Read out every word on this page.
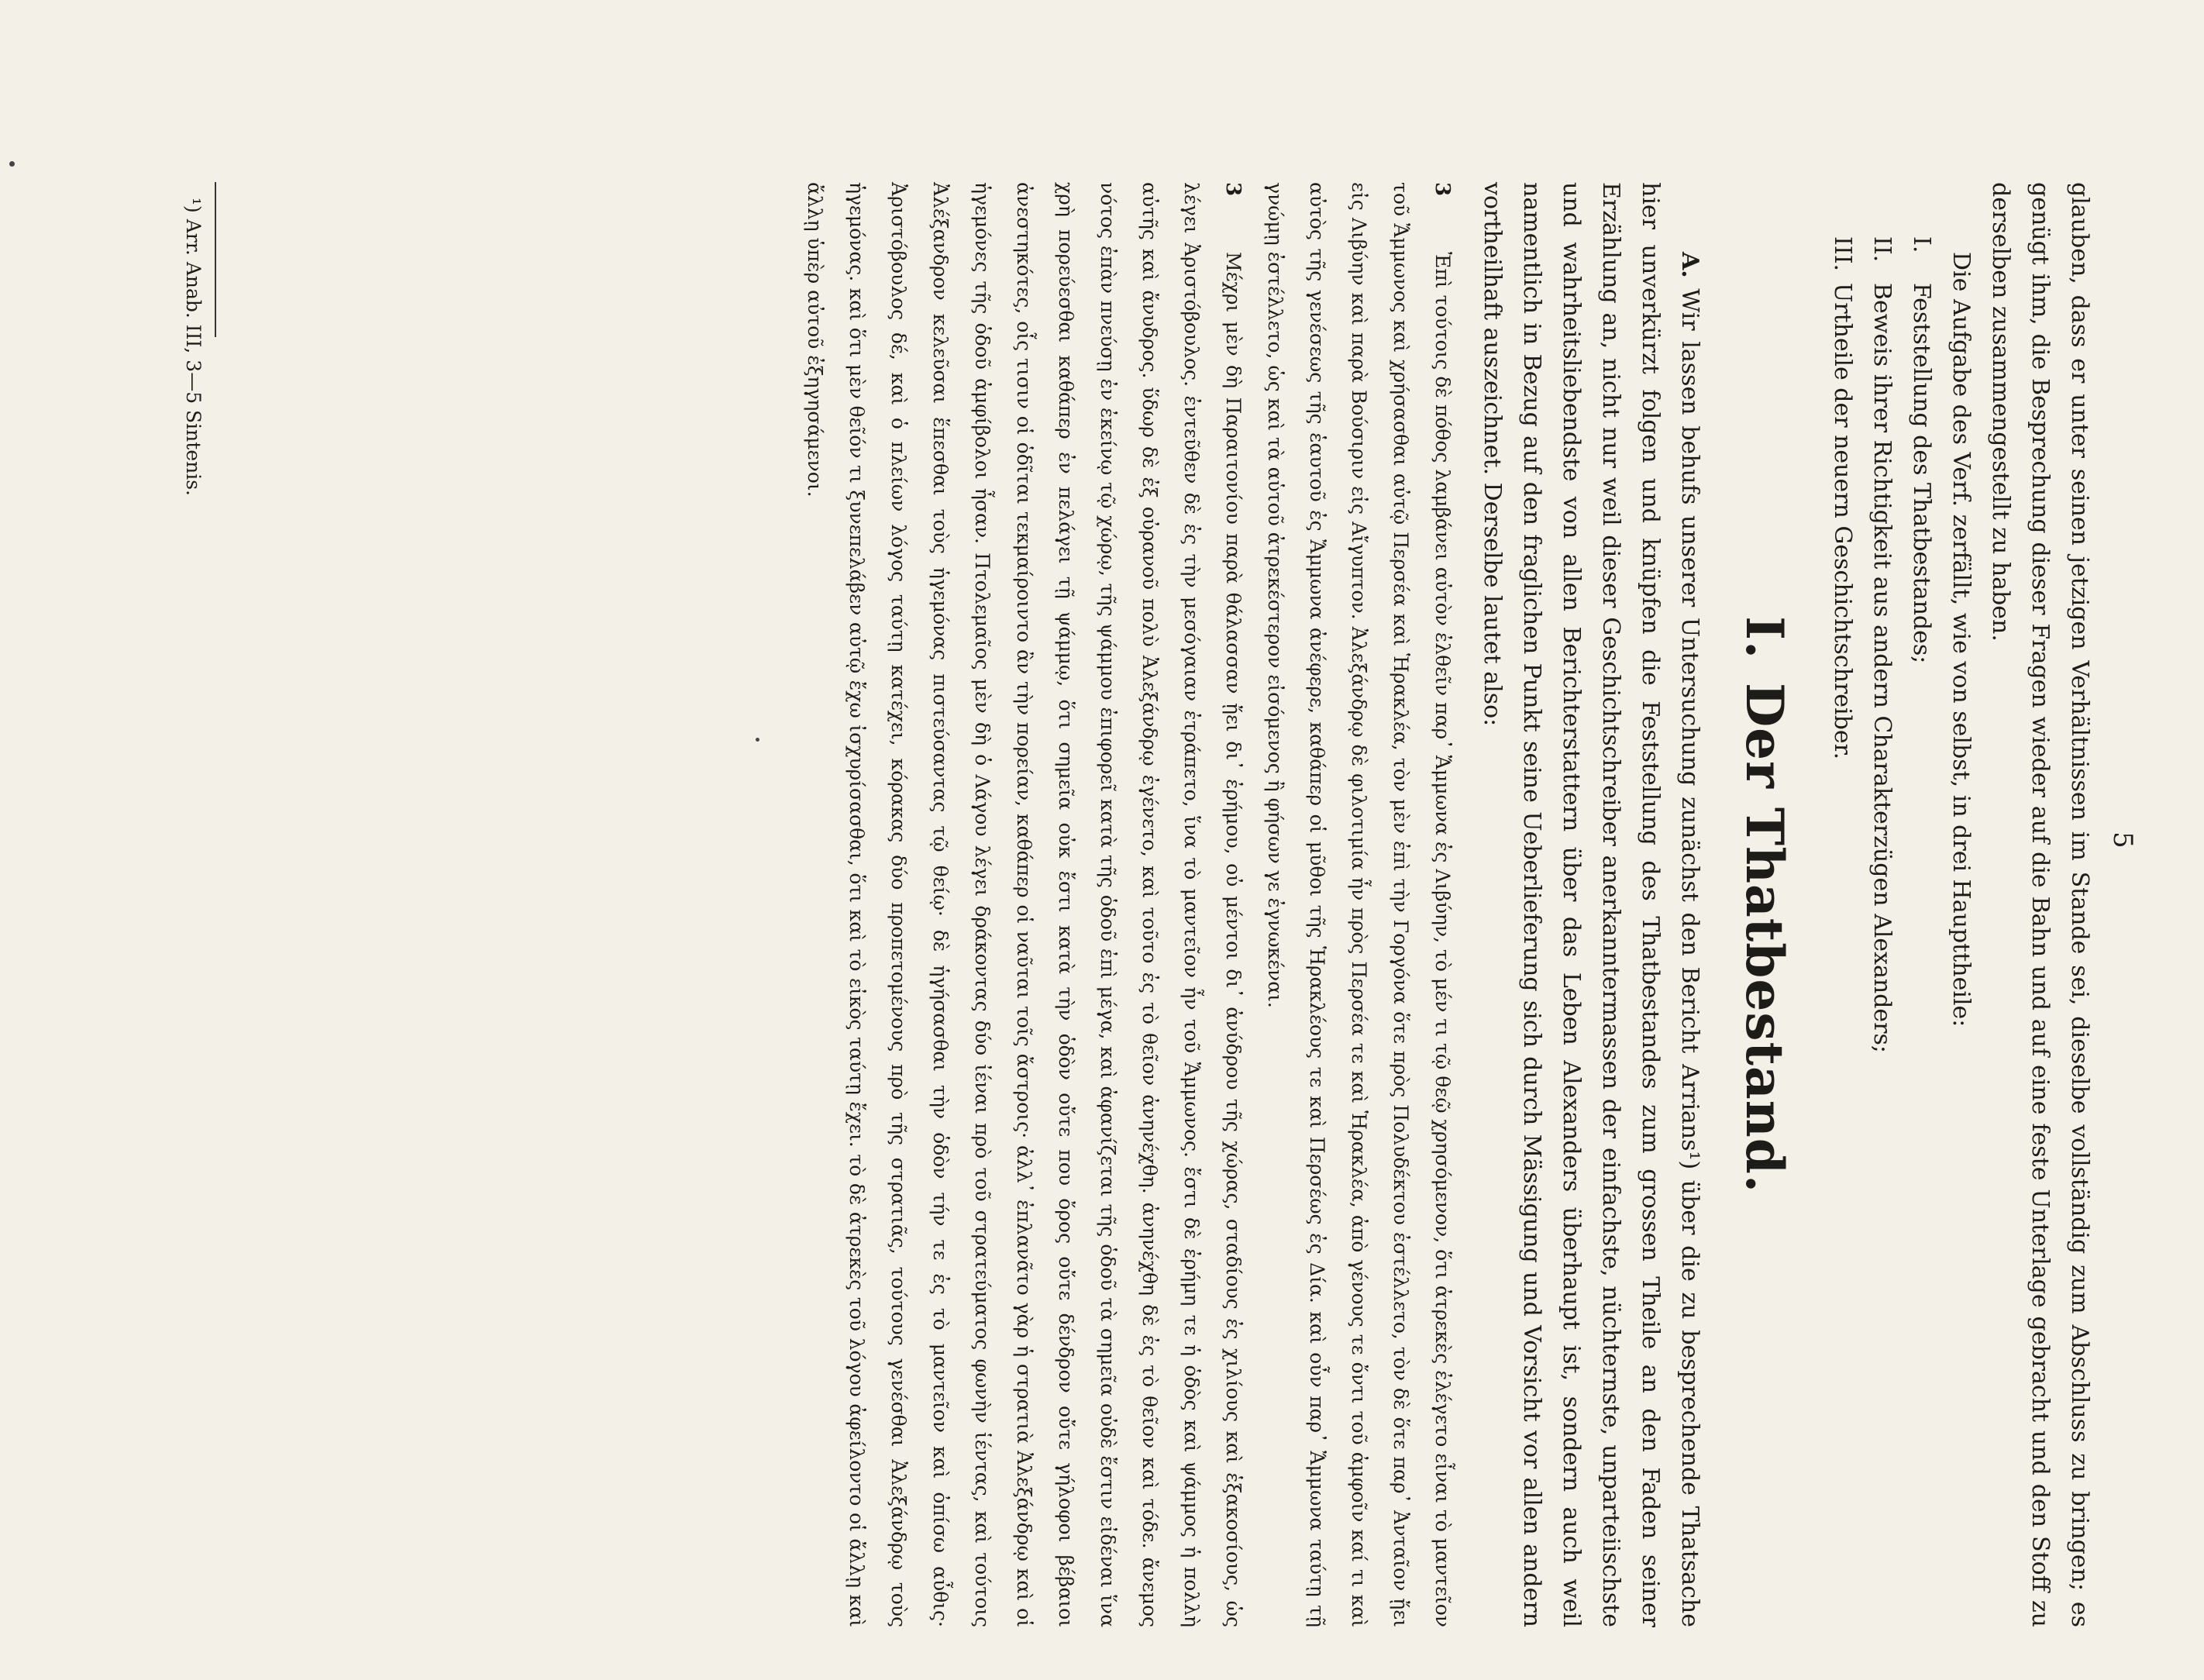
5

glauben, dass er unter seinen jetzigen Verhältnissen im Stande sei, dieselbe vollständig zum Abschluss zu bringen; es genügt ihm, die Besprechung dieser Fragen wieder auf die Bahn und auf eine feste Unterlage gebracht und den Stoff zu derselben zusammengestellt zu haben.

Die Aufgabe des Verf. zerfällt, wie von selbst, in drei Haupttheile:

I.Feststellung des Thatbestandes;
II.Beweis ihrer Richtigkeit aus andern Charakterzügen Alexanders;
III.Urtheile der neuern Geschichtschreiber.
I.Der Thatbestand.

A. Wir lassen behufs unserer Untersuchung zunächst den Bericht Arrians¹) über die zu besprechende Thatsache hier unverkürzt folgen und knüpfen die Feststellung des Thatbestandes zum grossen Theile an den Faden seiner Erzählung an, nicht nur weil dieser Geschichtschreiber anerkanntermassen der einfachste, nüchternste, unparteiischste und wahrheitsliebendste von allen Berichterstattern über das Leben Alexanders überhaupt ist, sondern auch weil namentlich in Bezug auf den fraglichen Punkt seine Ueberlieferung sich durch Mässigung und Vorsicht vor allen andern vortheilhaft auszeichnet. Derselbe lautet also:

3
Ἐπὶ τούτοις δὲ πόθος λαμβάνει αὐτὸν ἐλθεῖν παρ᾽ Ἄμμωνα ἐς Λιβύην, τὸ μέν τι τῷ θεῷ χρησόμενον, ὅτι ἀτρεκὲς ἐλέγετο εἶναι τὸ μαντεῖον τοῦ Ἄμμωνος καὶ χρήσασθαι αὐτῷ Περσέα καὶ Ἡρακλέα, τὸν μὲν ἐπὶ τὴν Γοργόνα ὅτε πρὸς Πολυδέκτου ἐστέλλετο, τὸν δὲ ὅτε παρ᾽ Ἀνταῖον ᾔει εἰς Λιβύην καὶ παρὰ Βούσιριν εἰς Αἴγυπτον. Ἀλεξάνδρῳ δὲ φιλοτιμία ἦν πρὸς Περσέα τε καὶ Ἡρακλέα, ἀπὸ γένους τε ὄντι τοῦ ἀμφοῖν καί τι καὶ αὐτὸς τῆς γενέσεως τῆς ἑαυτοῦ ἐς Ἄμμωνα ἀνέφερε, καθάπερ οἱ μῦθοι τῆς Ἡρακλέους τε καὶ Περσέως ἐς Δία. καὶ οὖν παρ᾽ Ἄμμωνα ταύτῃ τῇ γνώμῃ ἐστέλλετο, ὡς καὶ τὰ αὑτοῦ ἀτρεκέστερον εἰσόμενος ἢ φήσων γε ἐγνωκέναι.

3
Μέχρι μὲν δὴ Παραιτονίου παρὰ θάλασσαν ᾔει δι᾽ ἐρήμου, οὐ μέντοι δι᾽ ἀνύδρου τῆς χώρας, σταδίους ἐς χιλίους καὶ ἑξακοσίους, ὡς λέγει Ἀριστόβουλος. ἐντεῦθεν δὲ ἐς τὴν μεσόγαιαν ἐτράπετο, ἵνα τὸ μαντεῖον ἦν τοῦ Ἄμμωνος. ἔστι δὲ ἐρήμη τε ἡ ὁδὸς καὶ ψάμμος ἡ πολλὴ αὐτῆς καὶ ἄνυδρος. ὕδωρ δὲ ἐξ οὐρανοῦ πολὺ Ἀλεξάνδρῳ ἐγένετο, καὶ τοῦτο ἐς τὸ θεῖον ἀνηνέχθη. ἀνηνέχθη δὲ ἐς τὸ θεῖον καὶ τόδε. ἄνεμος νότος ἐπὰν πνεύσῃ ἐν ἐκείνῳ τῷ χώρῳ, τῆς ψάμμου ἐπιφορεῖ κατὰ τῆς ὁδοῦ ἐπὶ μέγα, καὶ ἀφανίζεται τῆς ὁδοῦ τὰ σημεῖα οὐδὲ ἔστιν εἰδέναι ἵνα χρὴ πορεύεσθαι καθάπερ ἐν πελάγει τῇ ψάμμῳ, ὅτι σημεῖα οὐκ ἔστι κατὰ τὴν ὁδὸν οὔτε που ὄρος οὔτε δένδρον οὔτε γήλοφοι βέβαιοι ἀνεστηκότες, οἷς τισιν οἱ ὁδῖται τεκμαίροιντο ἂν τὴν πορείαν, καθάπερ οἱ ναῦται τοῖς ἄστροις· ἀλλ᾽ ἐπλανᾶτο γὰρ ἡ στρατιὰ Ἀλεξάνδρῳ καὶ οἱ ἡγεμόνες τῆς ὁδοῦ ἀμφίβολοι ἦσαν. Πτολεμαῖος μὲν δὴ ὁ Λάγου λέγει δράκοντας δύο ἰέναι πρὸ τοῦ στρατεύματος φωνὴν ἱέντας, καὶ τούτοις Ἀλέξανδρον κελεῦσαι ἕπεσθαι τοὺς ἡγεμόνας πιστεύσαντας τῷ θείῳ· δὲ ἡγήσασθαι τὴν ὁδὸν τήν τε ἐς τὸ μαντεῖον καὶ ὀπίσω αὖθις· Ἀριστόβουλος δέ, καὶ ὁ πλείων λόγος ταύτῃ κατέχει, κόρακας δύο προπετομένους πρὸ τῆς στρατιᾶς, τούτους γενέσθαι Ἀλεξάνδρῳ τοὺς ἡγεμόνας. καὶ ὅτι μὲν θεῖόν τι ξυνεπελάβεν αὐτῷ ἔχω ἰσχυρίσασθαι, ὅτι καὶ τὸ εἰκὸς ταύτῃ ἔχει. τὸ δὲ ἀτρεκὲς τοῦ λόγου ἀφείλοντο οἱ ἄλλῃ καὶ ἄλλῃ ὑπὲρ αὐτοῦ ἐξηγησάμενοι.

¹) Arr. Anab. III, 3—5 Sintenis.
